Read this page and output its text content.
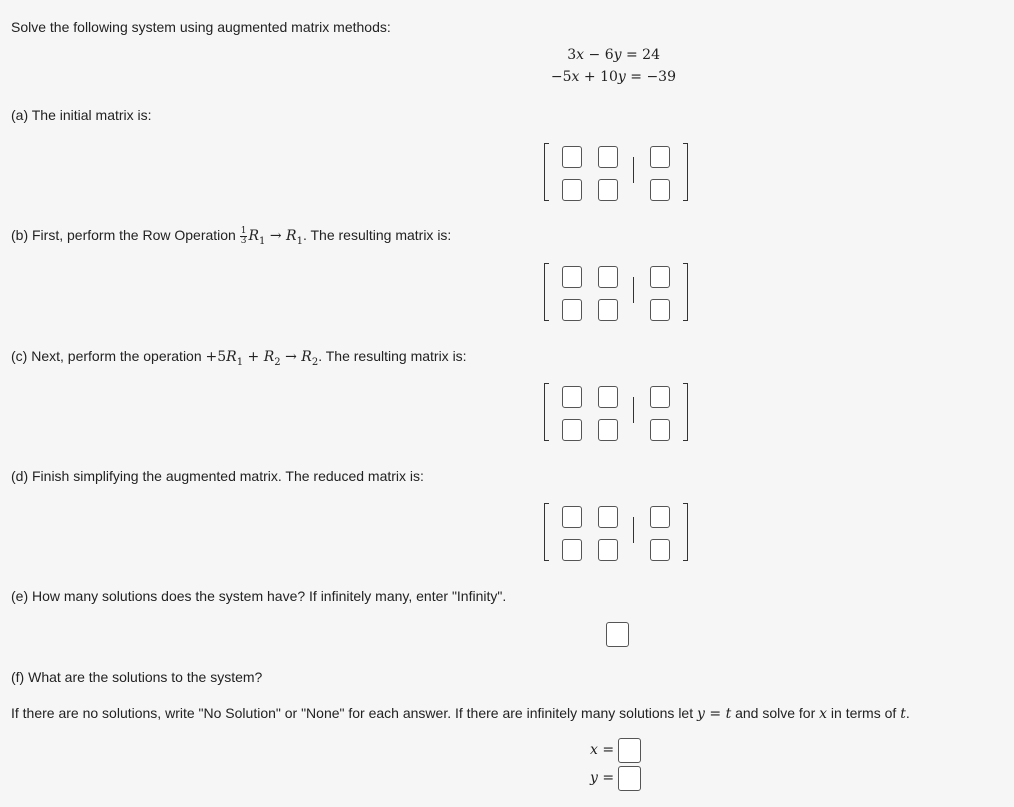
Solve the following system using augmented matrix methods:
3x − 6y = 24
−5x + 10y = −39
(a) The initial matrix is:
(b) First, perform the Row Operation $\frac{1}{3} R_1 \to R_1$. The resulting matrix is:
(c) Next, perform the operation $+5R_1 + R_2 \to R_2$. The resulting matrix is:
(d) Finish simplifying the augmented matrix. The reduced matrix is:
(e) How many solutions does the system have? If infinitely many, enter "Infinity".
(f) What are the solutions to the system?
If there are no solutions, write "No Solution" or "None" for each answer. If there are infinitely many solutions let y = t and solve for x in terms of t.
x =
y =
